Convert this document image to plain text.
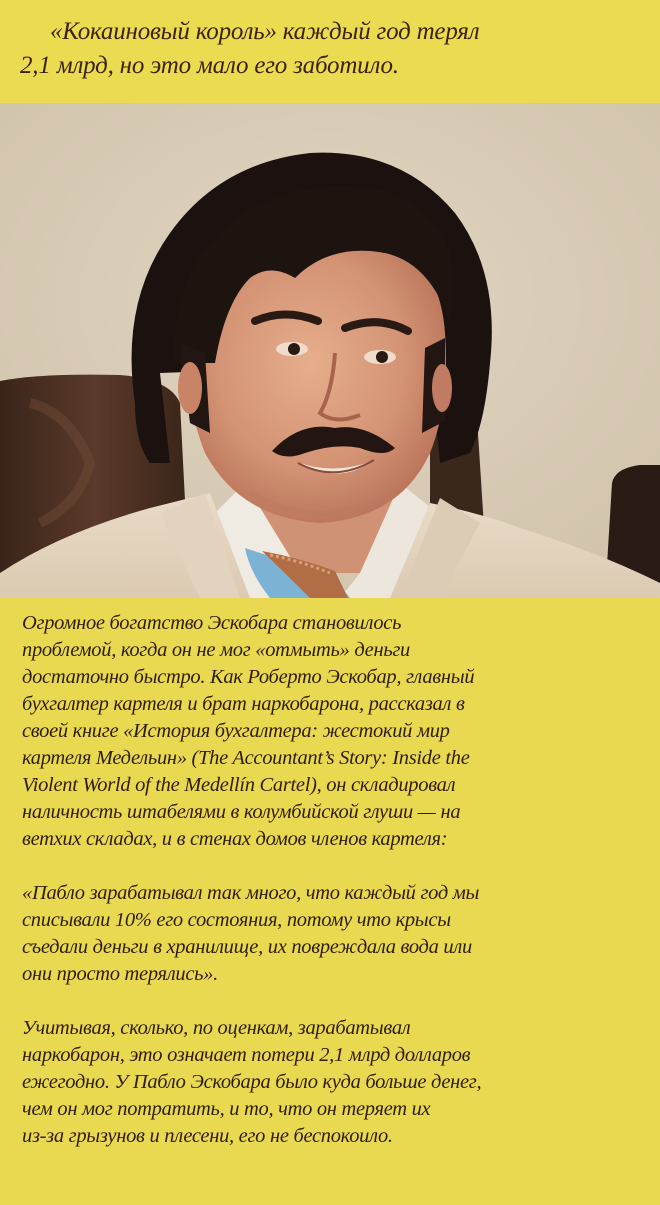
«Кокаиновый король» каждый год терял
2,1 млрд, но это мало его заботило.
Огромное богатство Эскобара становилось
проблемой, когда он не мог «отмыть» деньги
достаточно быстро. Как Роберто Эскобар, главный
бухгалтер картеля и брат наркобарона, рассказал в
своей книге «История бухгалтера: жестокий мир
картеля Медельин» (The Accountant’s Story: Inside the
Violent World of the Medellín Cartel), он складировал
наличность штабелями в колумбийской глуши — на
ветхих складах, и в стенах домов членов картеля:
«Пабло зарабатывал так много, что каждый год мы
списывали 10% его состояния, потому что крысы
съедали деньги в хранилище, их повреждала вода или
они просто терялись».
Учитывая, сколько, по оценкам, зарабатывал
наркобарон, это означает потери 2,1 млрд долларов
ежегодно. У Пабло Эскобара было куда больше денег,
чем он мог потратить, и то, что он теряет их
из-за грызунов и плесени, его не беспокоило.
